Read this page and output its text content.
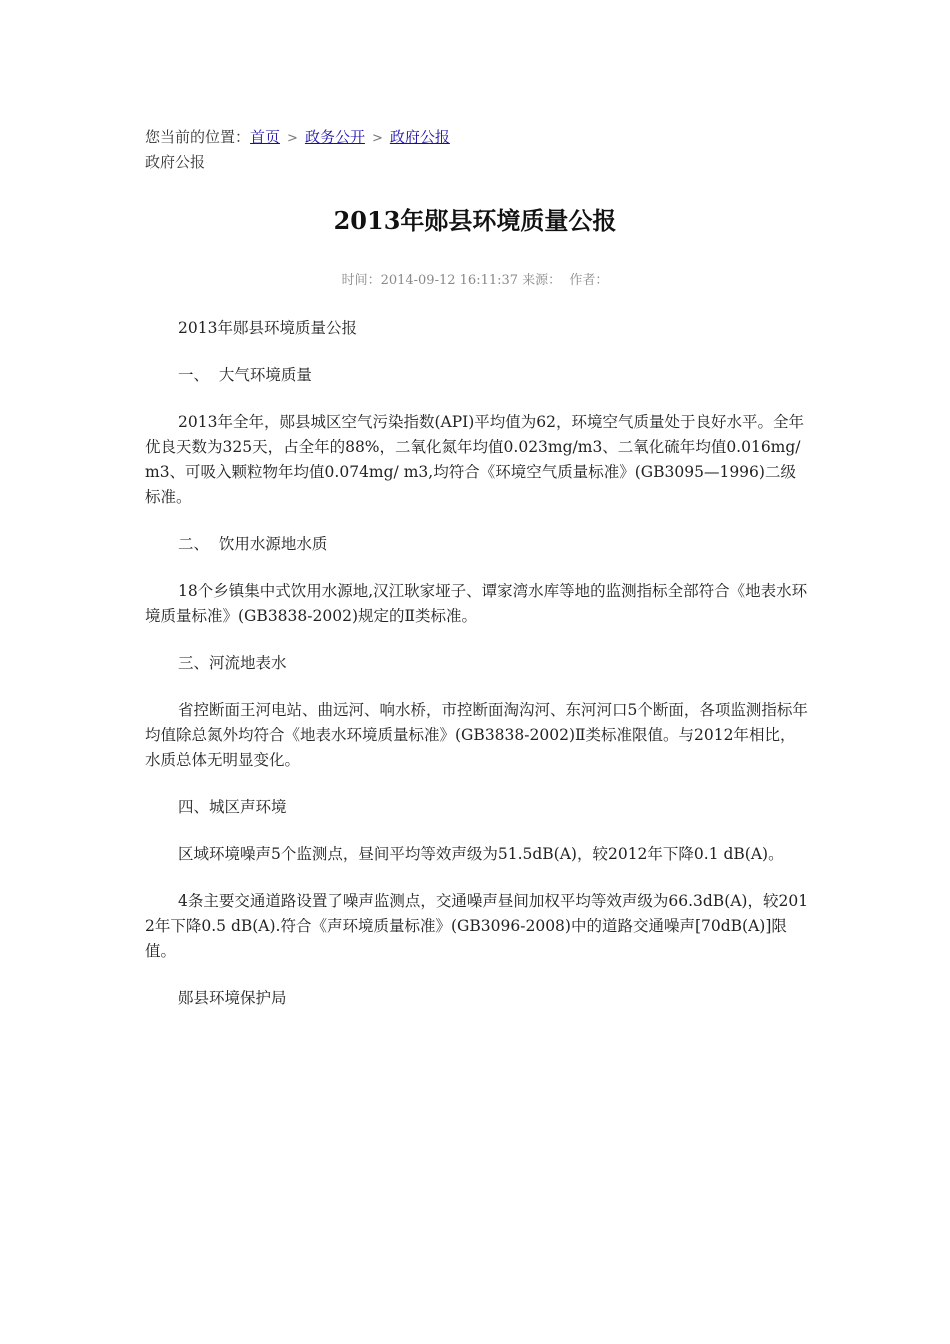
您当前的位置：首页 > 政务公开 > 政府公报
政府公报
2013年郧县环境质量公报
时间：2014-09-12 16:11:37 来源：  作者：

2013年郧县环境质量公报

一、  大气环境质量

2013年全年，郧县城区空气污染指数(API)平均值为62，环境空气质量处于良好水平。全年优良天数为325天，占全年的88%，二氧化氮年均值0.023mg/m3、二氧化硫年均值0.016mg/ m3、可吸入颗粒物年均值0.074mg/ m3,均符合《环境空气质量标准》(GB3095—1996)二级标准。

二、  饮用水源地水质

18个乡镇集中式饮用水源地,汉江耿家垭子、谭家湾水库等地的监测指标全部符合《地表水环境质量标准》(GB3838-2002)规定的Ⅱ类标准。

三、河流地表水

省控断面王河电站、曲远河、响水桥，市控断面淘沟河、东河河口5个断面，各项监测指标年均值除总氮外均符合《地表水环境质量标准》(GB3838-2002)Ⅱ类标准限值。与2012年相比，水质总体无明显变化。

四、城区声环境

区域环境噪声5个监测点，昼间平均等效声级为51.5dB(A)，较2012年下降0.1 dB(A)。

4条主要交通道路设置了噪声监测点，交通噪声昼间加权平均等效声级为66.3dB(A)，较2012年下降0.5 dB(A).符合《声环境质量标准》(GB3096-2008)中的道路交通噪声[70dB(A)]限值。

郧县环境保护局
